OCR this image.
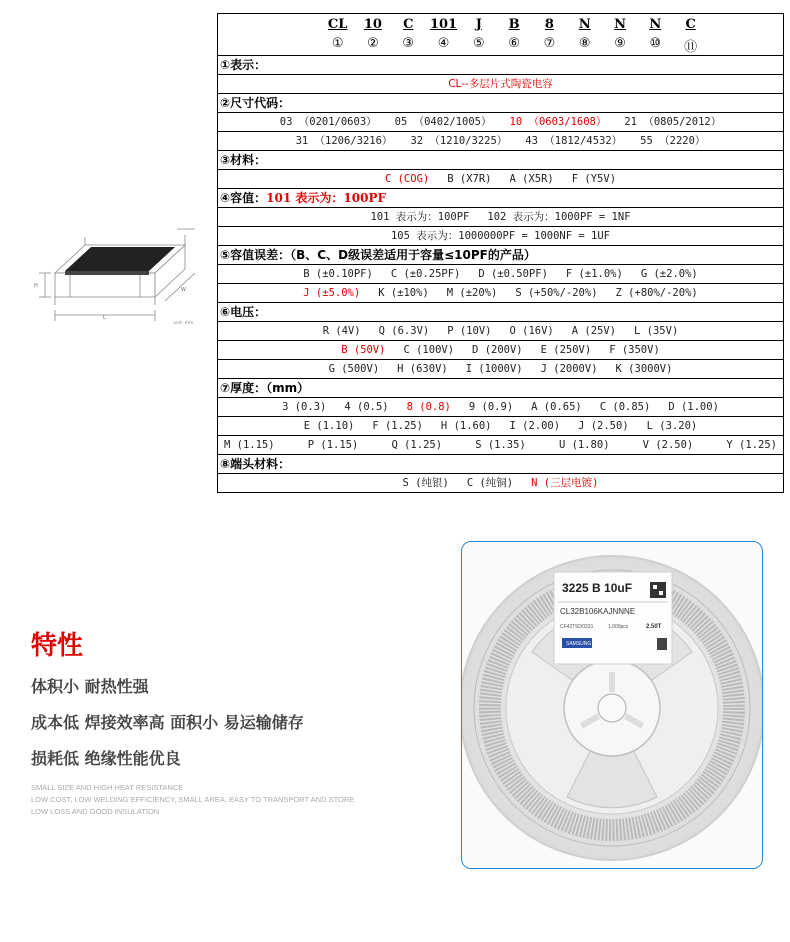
CL	10	C	101	J	B	8	N	N	N	C

①	②	③	④	⑤	⑥	⑦	⑧	⑨	⑩	⑪

①表示：

CL--多层片式陶瓷电容

②尺寸代码：

03 （0201/0603） 05 （0402/1005） 10 （0603/1608） 21 （0805/2012）

31 （1206/3216） 32 （1210/3225） 43 （1812/4532） 55 （2220）

③材料：

C (COG) B (X7R) A (X5R) F (Y5V)

④容值：101 表示为：100PF

101 表示为：100PF 102 表示为：1000PF = 1NF

105 表示为：1000000PF = 1000NF = 1UF

⑤容值误差：（B、C、D级误差适用于容量≤10PF的产品）

B (±0.10PF) C (±0.25PF) D (±0.50PF) F (±1.0%) G (±2.0%)

J (±5.0%) K (±10%) M (±20%) S (+50%/-20%) Z (+80%/-20%)

⑥电压：

R (4V) Q (6.3V) P (10V) O (16V) A (25V) L (35V)

B (50V) C (100V) D (200V) E (250V) F (350V)

G (500V) H (630V) I (1000V) J (2000V) K (3000V)

⑦厚度：（mm）

3 (0.3) 4 (0.5) 8 (0.8) 9 (0.9) A (0.65) C (0.85) D (1.00)

E (1.10) F (1.25) H (1.60) I (2.00) J (2.50) L (3.20)

M (1.15)	P (1.15)	Q (1.25)	S (1.35)	U (1.80)	V (2.50)	Y (1.25)

⑧端头材料：

S (纯银) C (纯铜) N (三层电镀)
L
H
W
unit: mm
特性
体积小 耐热性强
成本低 焊接效率高 面积小 易运输储存
损耗低 绝缘性能优良
SMALL SIZE AND HIGH HEAT RESISTANCE
LOW COST, LOW WELDING EFFICIENCY, SMALL AREA, EASY TO TRANSPORT AND STORE
LOW LOSS AND GOOD INSULATION
3225 B 10uF
CL32B106KAJNNNE
CF42T92/0231	1,000pcs	2.50T
SAMSUNG
